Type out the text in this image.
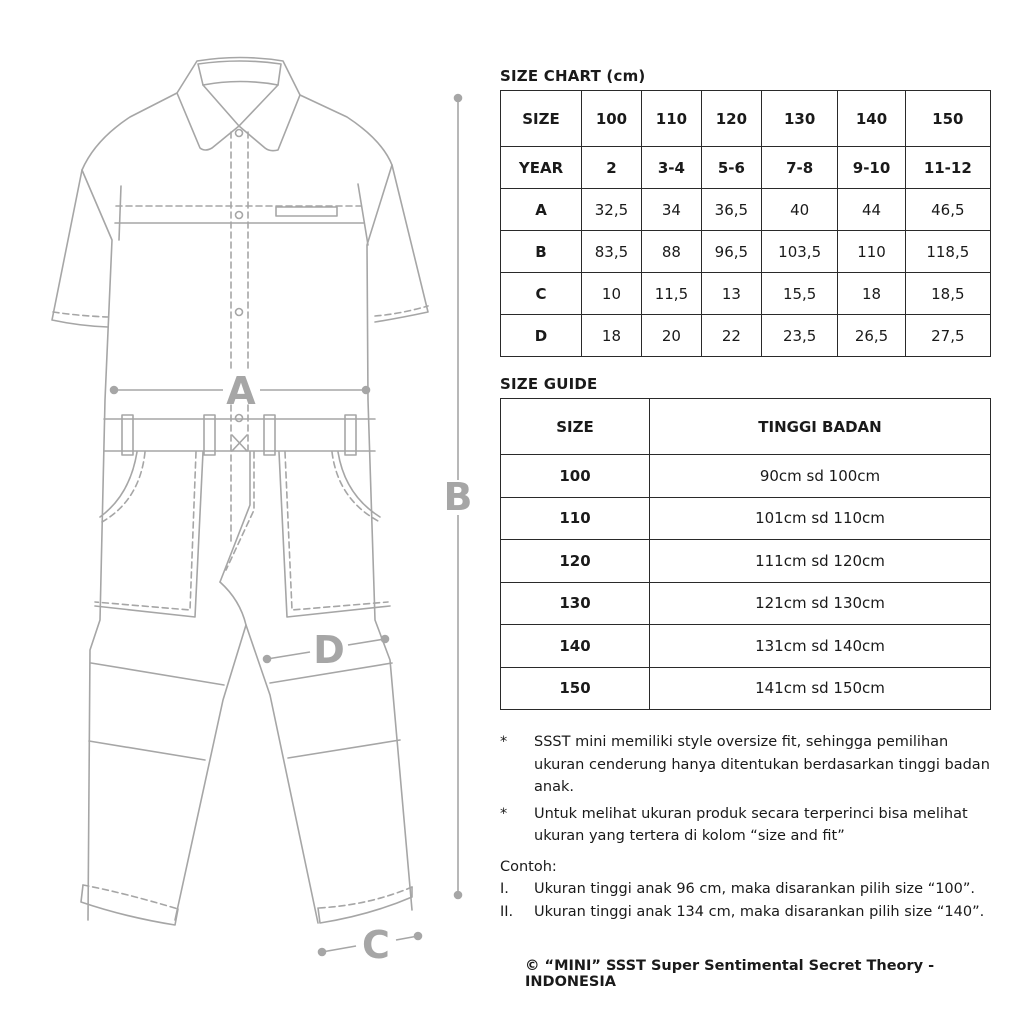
A
B
D
C
SIZE CHART (cm)
SIZE	100	110	120	130	140	150
YEAR	2	3-4	5-6	7-8	9-10	11-12
A	32,5	34	36,5	40	44	46,5
B	83,5	88	96,5	103,5	110	118,5
C	10	11,5	13	15,5	18	18,5
D	18	20	22	23,5	26,5	27,5
SIZE GUIDE
SIZE	TINGGI BADAN
100	90cm sd 100cm
110	101cm sd 110cm
120	111cm sd 120cm
130	121cm sd 130cm
140	131cm sd 140cm
150	141cm sd 150cm
*	SSST mini memiliki style oversize fit, sehingga pemilihan ukuran cenderung hanya ditentukan berdasarkan tinggi badan anak.
*	Untuk melihat ukuran produk secara terperinci bisa melihat ukuran yang tertera di kolom “size and fit”
Contoh:
I.	Ukuran tinggi anak 96 cm, maka disarankan pilih size “100”.
II.	Ukuran tinggi anak 134 cm, maka disarankan pilih size “140”.
© “MINI” SSST Super Sentimental Secret Theory - INDONESIA
